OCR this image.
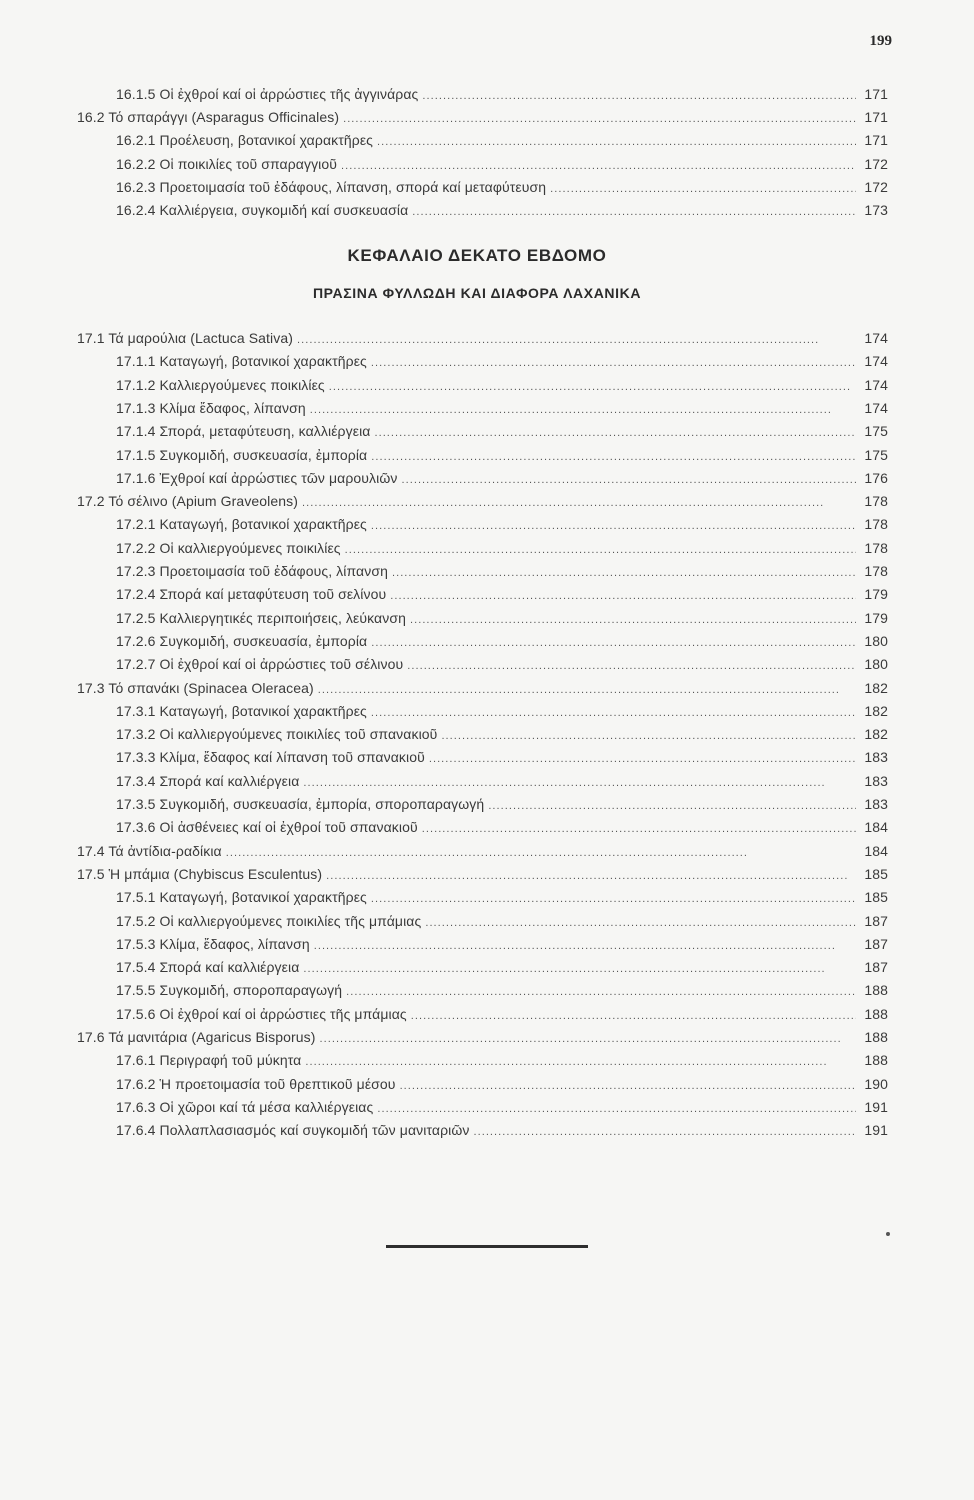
199
16.1.5 Οἱ ἐχθροί καί οἱ ἀρρώστιες τῆς ἀγγινάρας . . .	171
16.2 Τό σπαράγγι (Asparagus Officinales) . . .	171
16.2.1 Προέλευση, βοτανικοί χαρακτῆρες . . .	171
16.2.2 Οἱ ποικιλίες τοῦ σπαραγγιοῦ . . .	172
16.2.3 Προετοιμασία τοῦ ἐδάφους, λίπανση, σπορά καί μεταφύτευση . . .	172
16.2.4 Καλλιέργεια, συγκομιδή καί συσκευασία . . .	173
ΚΕΦΑΛΑΙΟ ΔΕΚΑΤΟ ΕΒΔΟΜΟ
ΠΡΑΣΙΝΑ ΦΥΛΛΩΔΗ ΚΑΙ ΔΙΑΦΟΡΑ ΛΑΧΑΝΙΚΑ
17.1 Τά μαρούλια (Lactuca Sativa) . . .	174
17.1.1 Καταγωγή, βοτανικοί χαρακτῆρες . . .	174
17.1.2 Καλλιεργούμενες ποικιλίες . . .	174
17.1.3 Κλίμα ἔδαφος, λίπανση . . .	174
17.1.4 Σπορά, μεταφύτευση, καλλιέργεια . . .	175
17.1.5 Συγκομιδή, συσκευασία, ἐμπορία . . .	175
17.1.6 Ἐχθροί καί ἀρρώστιες τῶν μαρουλιῶν . . .	176
17.2 Τό σέλινο (Apium Graveolens) . . .	178
17.2.1 Καταγωγή, βοτανικοί χαρακτῆρες . . .	178
17.2.2 Οἱ καλλιεργούμενες ποικιλίες . . .	178
17.2.3 Προετοιμασία τοῦ ἐδάφους, λίπανση . . .	178
17.2.4 Σπορά καί μεταφύτευση τοῦ σελίνου . . .	179
17.2.5 Καλλιεργητικές περιποιήσεις, λεύκανση . . .	179
17.2.6 Συγκομιδή, συσκευασία, ἐμπορία . . .	180
17.2.7 Οἱ ἐχθροί καί οἱ ἀρρώστιες τοῦ σέλινου . . .	180
17.3 Τό σπανάκι (Spinacea Oleracea) . . .	182
17.3.1 Καταγωγή, βοτανικοί χαρακτῆρες . . .	182
17.3.2 Οἱ καλλιεργούμενες ποικιλίες τοῦ σπανακιοῦ . . .	182
17.3.3 Κλίμα, ἔδαφος καί λίπανση τοῦ σπανακιοῦ . . .	183
17.3.4 Σπορά καί καλλιέργεια . . .	183
17.3.5 Συγκομιδή, συσκευασία, ἐμπορία, σποροπαραγωγή . . .	183
17.3.6 Οἱ ἀσθένειες καί οἱ ἐχθροί τοῦ σπανακιοῦ . . .	184
17.4 Τά ἀντίδια-ραδίκια . . .	184
17.5 Ἡ μπάμια (Chybiscus Esculentus) . . .	185
17.5.1 Καταγωγή, βοτανικοί χαρακτῆρες . . .	185
17.5.2 Οἱ καλλιεργούμενες ποικιλίες τῆς μπάμιας . . .	187
17.5.3 Κλίμα, ἔδαφος, λίπανση . . .	187
17.5.4 Σπορά καί καλλιέργεια . . .	187
17.5.5 Συγκομιδή, σποροπαραγωγή . . .	188
17.5.6 Οἱ ἐχθροί καί οἱ ἀρρώστιες τῆς μπάμιας . . .	188
17.6 Τά μανιτάρια (Agaricus Bisporus) . . .	188
17.6.1 Περιγραφή τοῦ μύκητα . . .	188
17.6.2 Ἡ προετοιμασία τοῦ θρεπτικοῦ μέσου . . .	190
17.6.3 Οἱ χῶροι καί τά μέσα καλλιέργειας . . .	191
17.6.4 Πολλαπλασιασμός καί συγκομιδή τῶν μανιταριῶν . . .	191
